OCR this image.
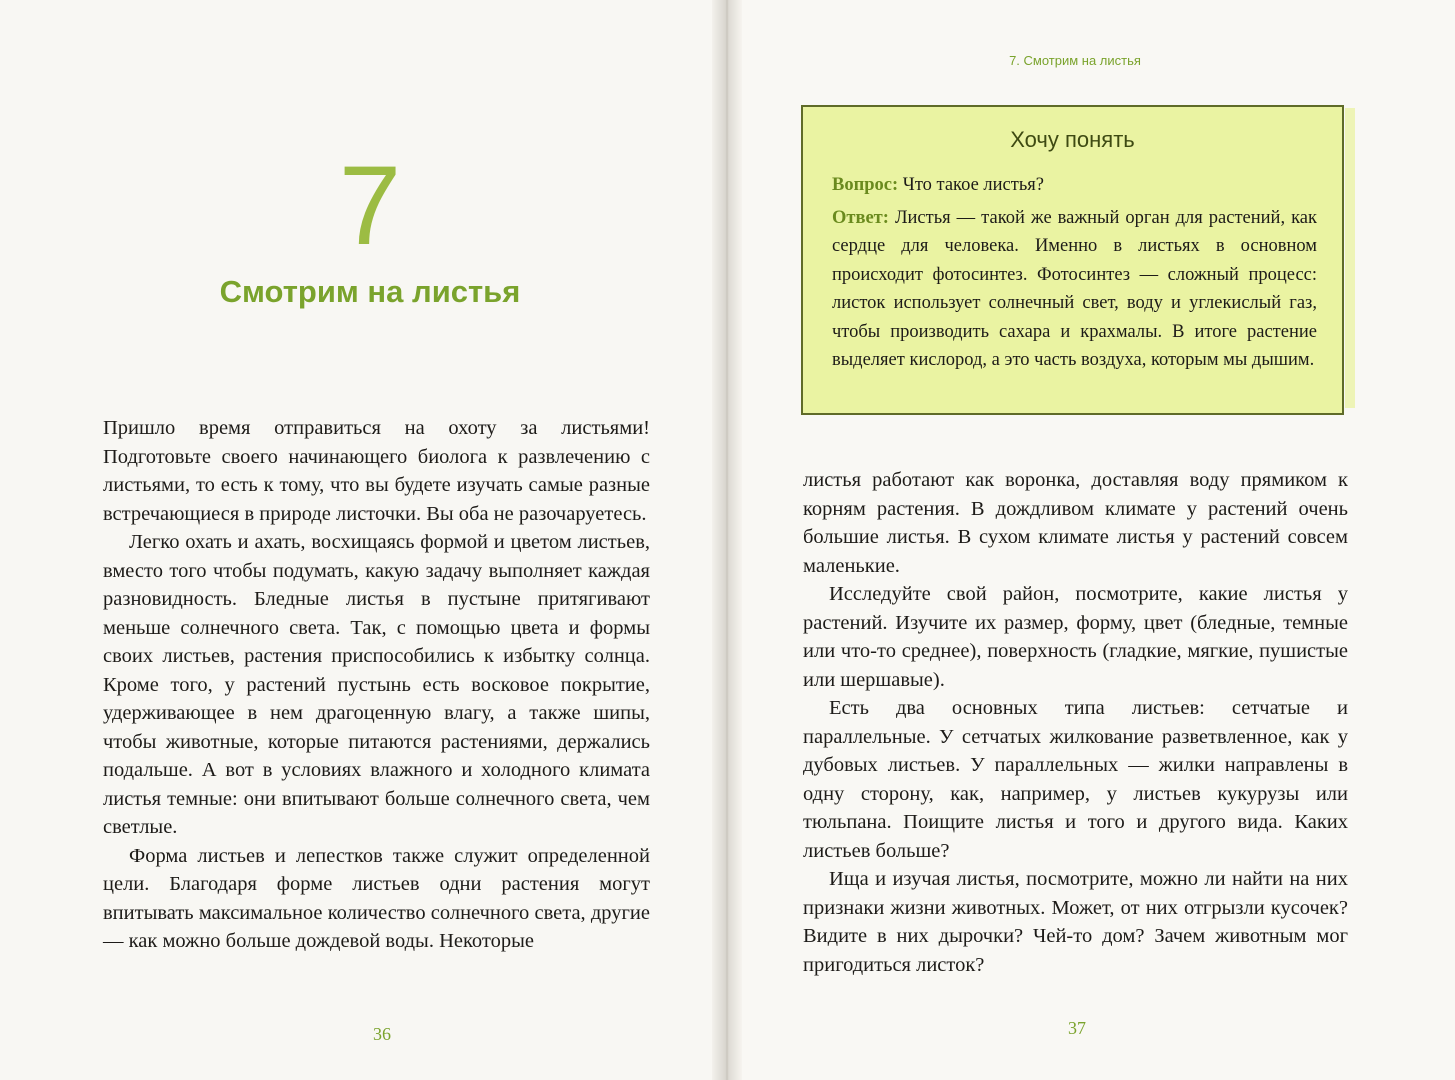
7
Смотрим на листья

Пришло время отправиться на охоту за листьями! Подготовьте своего начинающего биолога к развлечению с листьями, то есть к тому, что вы будете изучать самые разные встречающиеся в природе листочки. Вы оба не разочаруетесь.

Легко охать и ахать, восхищаясь формой и цветом листьев, вместо того чтобы подумать, какую задачу выполняет каждая разновидность. Бледные листья в пустыне притягивают меньше солнечного света. Так, с помощью цвета и формы своих листьев, растения приспособились к избытку солнца. Кроме того, у растений пустынь есть восковое покрытие, удерживающее в нем драгоценную влагу, а также шипы, чтобы животные, которые питаются растениями, держались подальше. А вот в условиях влажного и холодного климата листья темные: они впитывают больше солнечного света, чем светлые.

Форма листьев и лепестков также служит определенной цели. Благодаря форме листьев одни растения могут впитывать максимальное количество солнечного света, другие — как можно больше дождевой воды. Некоторые

36
7. Смотрим на листья
Хочу понять

Вопрос: Что такое листья?

Ответ: Листья — такой же важный орган для растений, как сердце для человека. Именно в листьях в основном происходит фотосинтез. Фотосинтез — сложный процесс: листок использует солнечный свет, воду и углекислый газ, чтобы производить сахара и крахмалы. В итоге растение выделяет кислород, а это часть воздуха, которым мы дышим.

листья работают как воронка, доставляя воду прямиком к корням растения. В дождливом климате у растений очень большие листья. В сухом климате листья у растений совсем маленькие.

Исследуйте свой район, посмотрите, какие листья у растений. Изучите их размер, форму, цвет (бледные, темные или что-то среднее), поверхность (гладкие, мягкие, пушистые или шершавые).

Есть два основных типа листьев: сетчатые и параллельные. У сетчатых жилкование разветвленное, как у дубовых листьев. У параллельных — жилки направлены в одну сторону, как, например, у листьев кукурузы или тюльпана. Поищите листья и того и другого вида. Каких листьев больше?

Ища и изучая листья, посмотрите, можно ли найти на них признаки жизни животных. Может, от них отгрызли кусочек? Видите в них дырочки? Чей-то дом? Зачем животным мог пригодиться листок?

37
